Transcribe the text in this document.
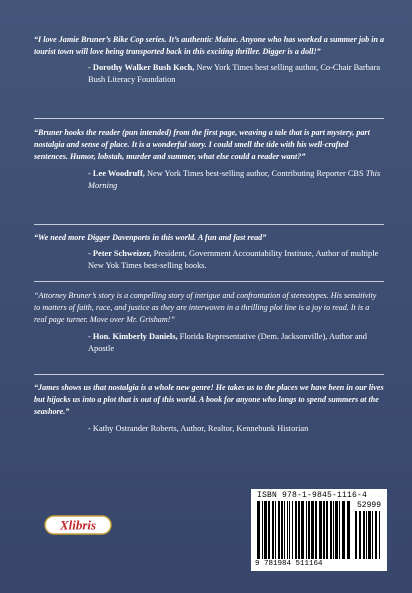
“I love Jamie Bruner’s Bike Cop series. It’s authentic Maine. Anyone who has worked a summer job in a tourist town will love being transported back in this exciting thriller. Digger is a doll!”

- Dorothy Walker Bush Koch, New York Times best selling author, Co-Chair Barbara Bush Literacy Foundation

“Bruner hooks the reader (pun intended) from the first page, weaving a tale that is part mystery, part nostalgia and sense of place. It is a wonderful story. I could smell the tide with his well-crafted sentences. Humor, lobstah, murder and summer, what else could a reader want?”

- Lee Woodruff, New York Times best-selling author, Contributing Reporter CBS This Morning

“We need more Digger Davenports in this world. A fun and fast read”

- Peter Schweizer, President, Government Accountability Institute, Author of multiple New Yok Times best-selling books.

“Attorney Bruner’s story is a compelling story of intrigue and confrontation of stereotypes. His sensitivity to matters of faith, race, and justice as they are interwoven in a thrilling plot line is a joy to read. It is a real page turner. Move over Mr. Grisham!”

- Hon. Kimberly Daniels, Florida Representative (Dem. Jacksonville), Author and Apostle

“James shows us that nostalgia is a whole new genre! He takes us to the places we have been in our lives but hijacks us into a plot that is out of this world. A book for anyone who longs to spend summers at the seashore.”

- Kathy Ostrander Roberts, Author, Realtor, Kennebunk Historian
Xlibris
ISBN 978-1-9845-1116-4
52999
9 781984 511164
